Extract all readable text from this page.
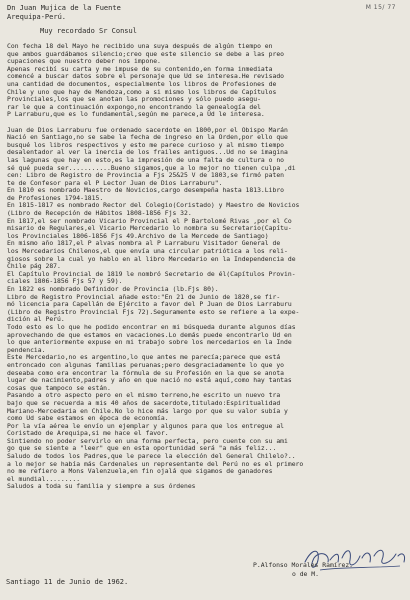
M 15/ 77
Dn Juan Mujica de la Fuente
Arequipa-Perú.
Muy recordado Sr Consul
Con fecha 18 del Mayo he recibido una suya después de algún tiempo en
que ambos guardábamos silencio;creo que este silencio se debe a las preo
cupaciones que nuestro deber nos impone.
Apenas recibí su carta y me impuse de su contenido,en forma inmediata
comencé a buscar datos sobre el personaje que Ud se interesa.He revisado
una cantidad de documentos, especialmente los libros de Profesiones de
Chile y uno que hay de Mendoza,como a si mismo los libros de Capítulos
Provinciales,los que se anotan las promociones y sólo puedo asegu-
rar le que a continuación expongo,no encontrando la genealogía del
P Larraburu,que es lo fundamental,según me parece,a Ud le interesa.

Juan de Dios Larraburu fue ordenado sacerdote en 1800,por el Obispo Marán
Nació en Santiago,no se sabe la fecha de ingreso en la Orden,por ello que
busqué los libros respectivos y esto me parece curioso y al mismo tiempo
desalentador al ver la inercia de los frailes antiguos...Ud no se imagina
las lagunas que hay en esto,es la impresión de una falta de cultura o no
sé qué pueda ser...........Bueno sigamos,que a lo mejor no tienen culpa ,di
cen: Libro de Registro de Provincia a Fjs 25&25 V de 1803,se firmó paten
te de Confesor para el P Lector Juan de Dios Larraburu".
En 1810 es nombrado Maestro de Novicios,cargo desempeña hasta 1813.Libro
de Profesiones 1794-1815.
En 1815-1817 es nombrado Rector del Colegio(Coristado) y Maestro de Novicios
(Libro de Recepción de Hábitos 1808-1856 Fjs 32.
En 1817,el ser nombrado Vicario Provincial el P Bartolomé Rivas ,por el Co
misario de Regulares,el Vicario Mercedario lo nombra su Secretario(Capítu-
los Provinciales 1806-1856 Fjs 49.Archivo de la Mercede de Santiago)
En mismo año 1817,el P alvas nombra al P Larraburu Visitador General de
los Mercedarios Chilenos,el que envía una circular patriótica a los reli-
giosos sobre la cual yo hablo en al libro Mercedario en la Independencia de
Chile pág 287.
El Capítulo Provincial de 1819 le nombró Secretario de él(Capítulos Provin-
ciales 1806-1856 Fjs 57 y 59).
En 1822 es nombrado Definidor de Provincia (lb.Fjs 80).
Libro de Registro Provincial añade esto:"En 21 de Junio de 1820,se fir-
mó licencia para Capellán de Ejército a favor del P Juan de Dios Larraburu
(Libro de Registro Provincial Fjs 72).Seguramente esto se refiere a la expe-
dición al Perú.
Todo esto es lo que he podido encontrar en mi búsqueda durante algunos días
aprovechando de que estamos en vacaciones.Lo demás puede encontrarlo Ud en
lo que anteriormente expuse en mi trabajo sobre los mercedarios en la Inde
pendencia.
Este Mercedario,no es argentino,lo que antes me parecía;parece que está
entroncado con algunas familias peruanas;pero desgraciadamente lo que yo
deseaba como era encontrar la fórmula de su Profesión en la que se anota
lugar de nacimiento,padres y año en que nació no está aquí,como hay tantas
cosas que tampoco se están.
Pasando a otro aspecto pero en el mismo terreno,he escrito un nuevo tra
bajo que se recuerda a mis 40 años de sacerdote,titulado:Espiritualidad
Mariano-Mercedaria en Chile.No lo hice más largo por que su valor subía y
como Ud sabe estamos en época de economía.
Por la vía aérea le envío un ejemplar y algunos para que los entregue al
Coristado de Arequipa,si me hace el favor.
Sintiendo no poder servirlo en una forma perfecta, pero cuente con su ami
go que se siente a "leer" que en esta oportunidad será "a más feliz...
Saludo de todos los Padres,que le parece la elección del General Chilelo?..
a lo mejor se había más Cardenales un representante del Perú no es el primero
no me refiero a Mons Valenzuela,en fin ojalá que sigamos de ganadores
el mundial.........
Saludos a toda su familia y siempre a sus órdenes
P.Alfonso Morales Ramírez.
o de M.
Santiago 11 de Junio de 1962.
